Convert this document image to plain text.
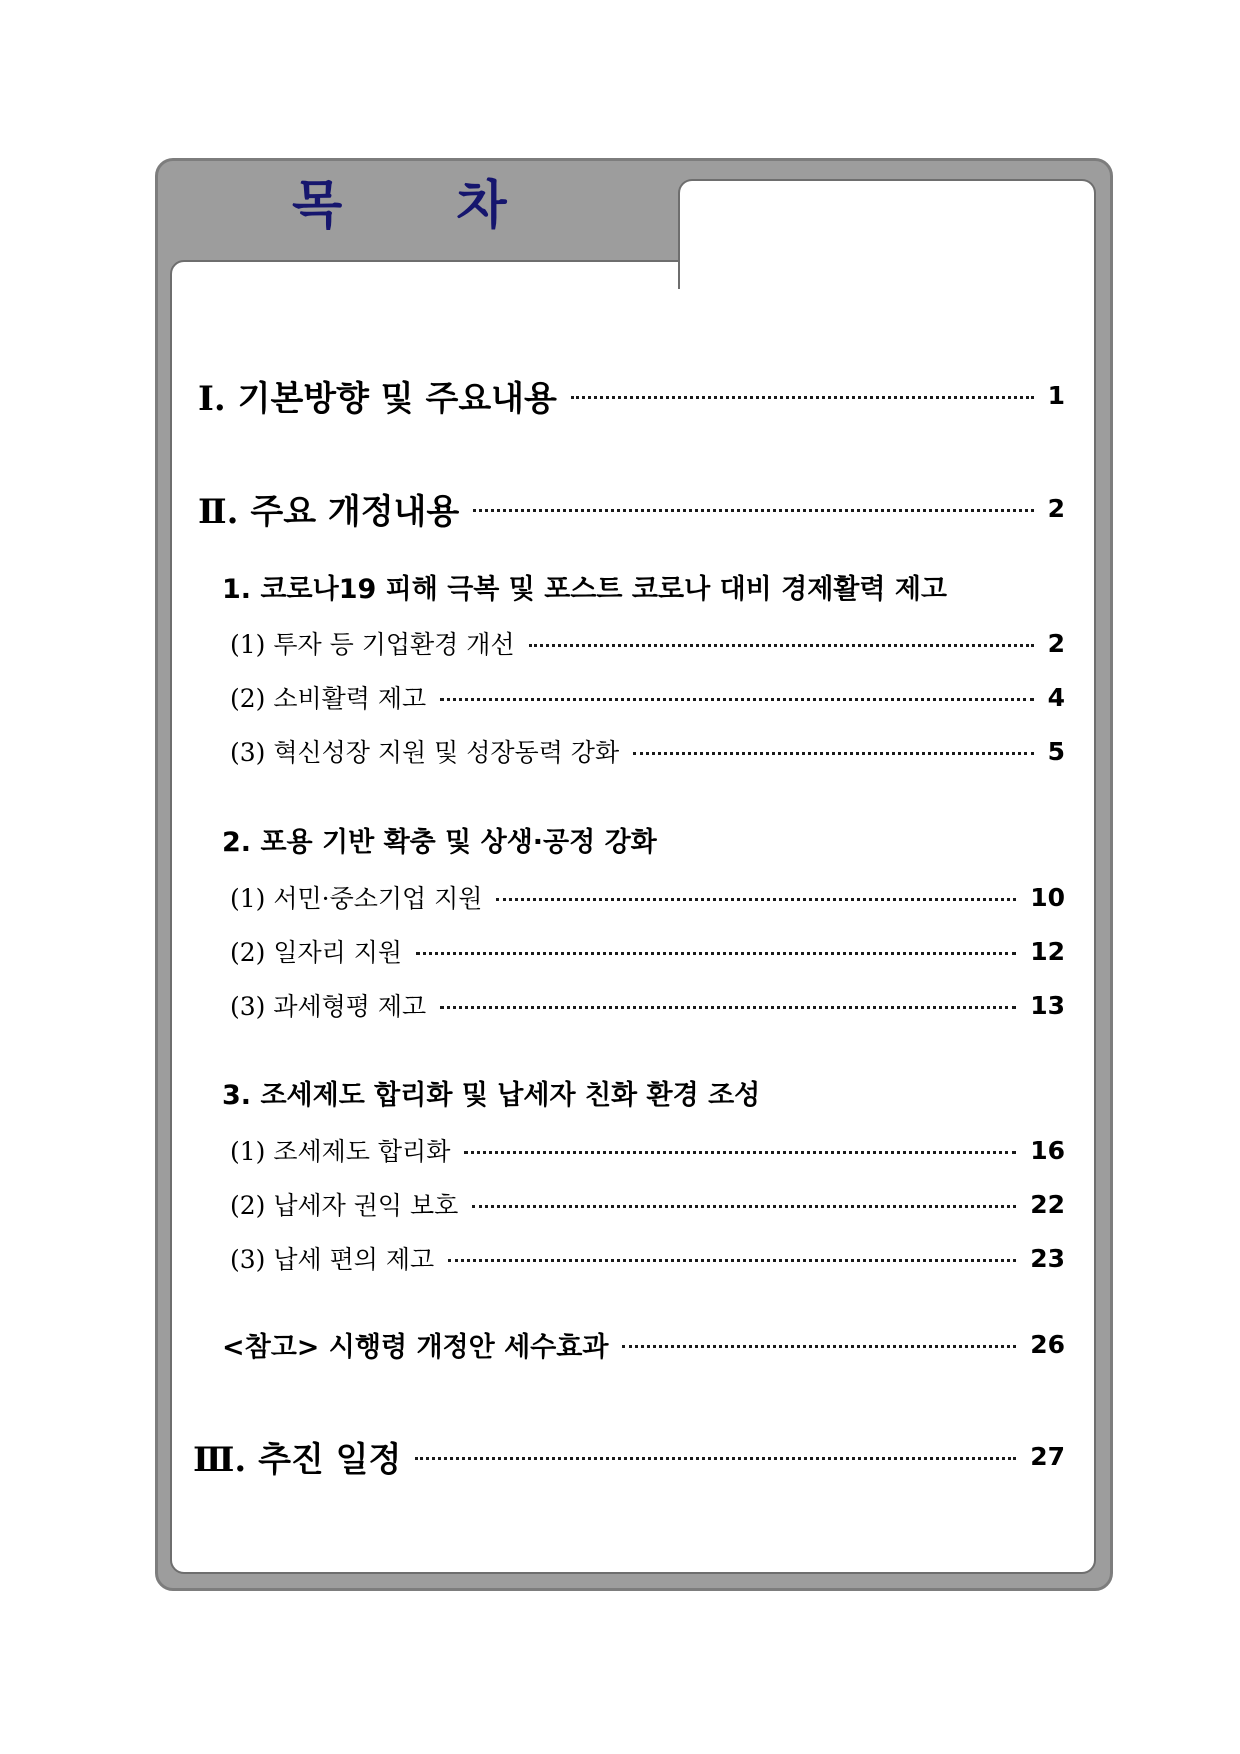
목 차
Ⅰ. 기본방향 및 주요내용	1
Ⅱ. 주요 개정내용	2
1. 코로나19 피해 극복 및 포스트 코로나 대비 경제활력 제고
(1) 투자 등 기업환경 개선	2
(2) 소비활력 제고	4
(3) 혁신성장 지원 및 성장동력 강화	5
2. 포용 기반 확충 및 상생·공정 강화
(1) 서민·중소기업 지원	10
(2) 일자리 지원	12
(3) 과세형평 제고	13
3. 조세제도 합리화 및 납세자 친화 환경 조성
(1) 조세제도 합리화	16
(2) 납세자 권익 보호	22
(3) 납세 편의 제고	23
<참고> 시행령 개정안 세수효과	26
Ⅲ. 추진 일정	27
